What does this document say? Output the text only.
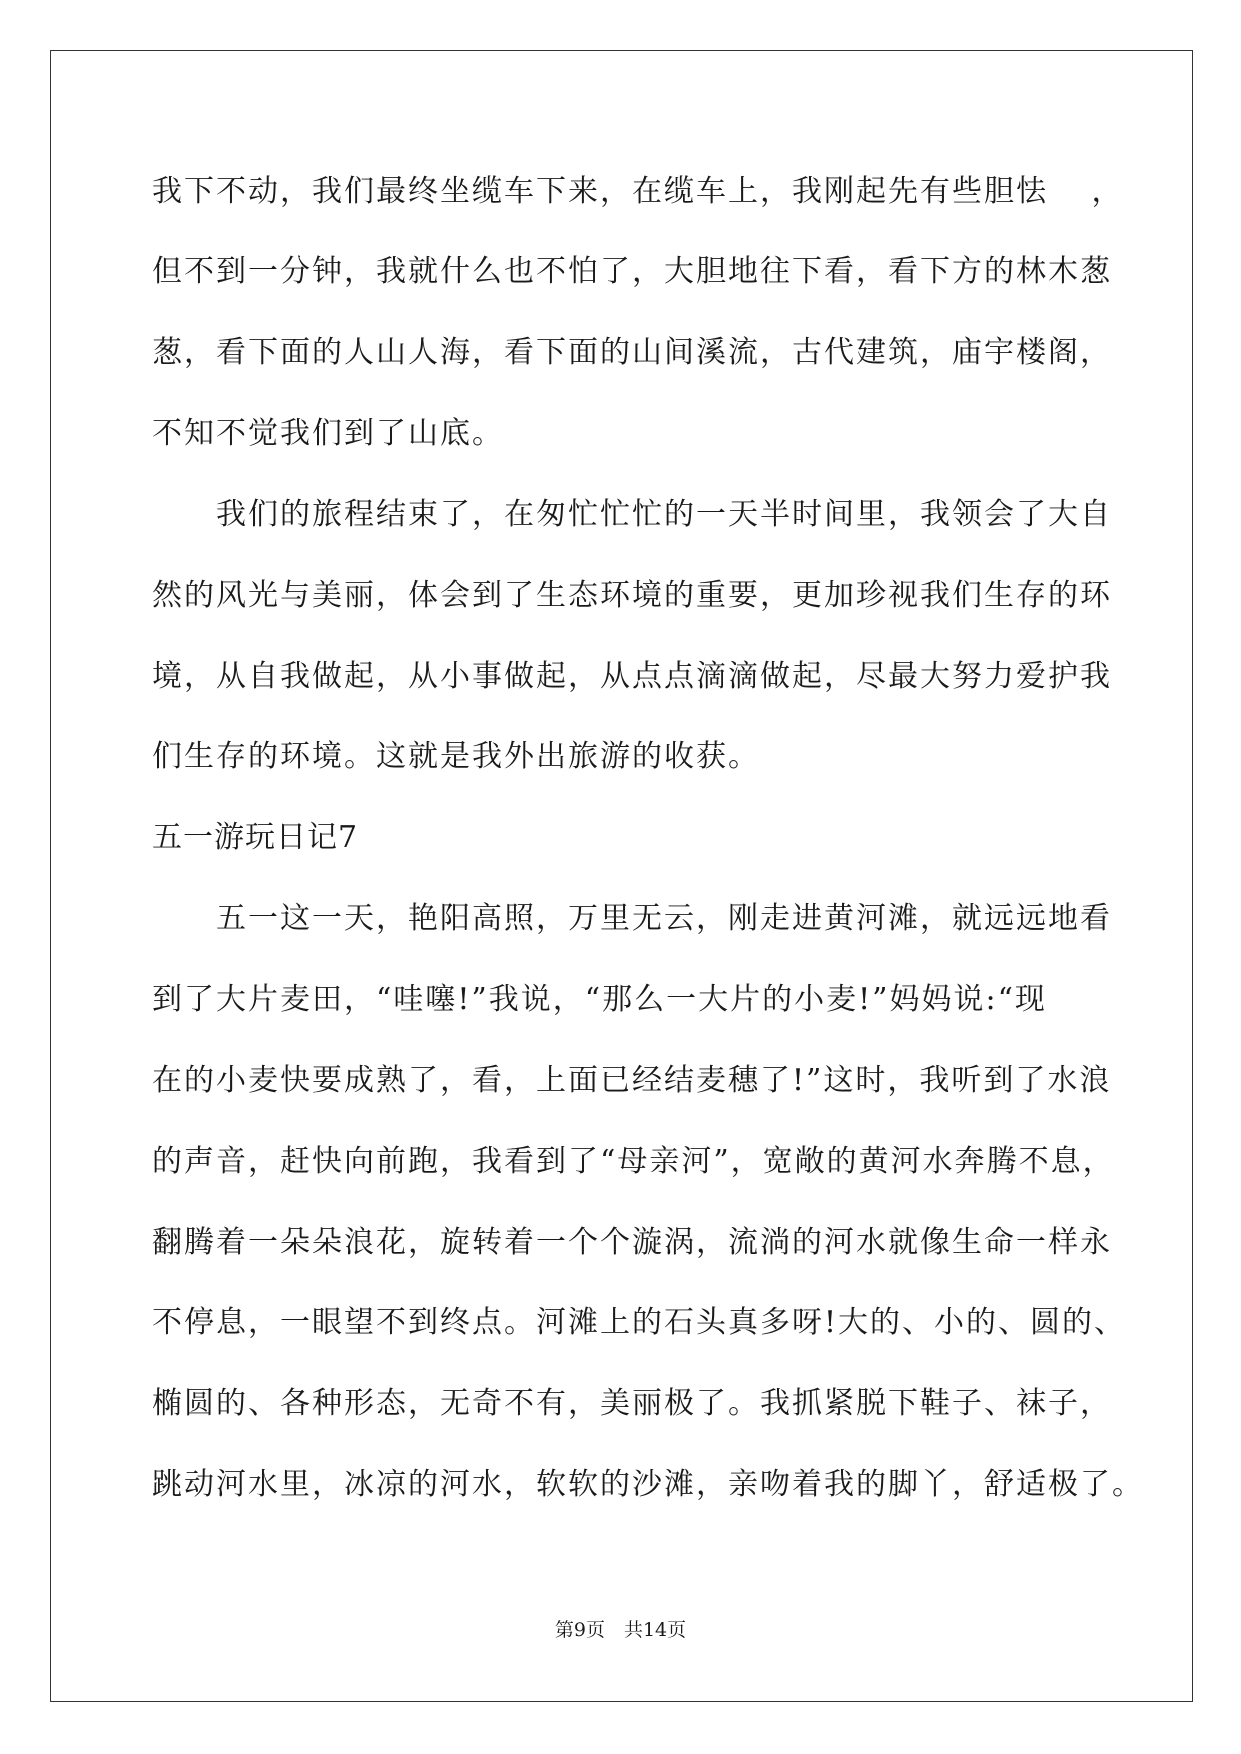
我下不动，我们最终坐缆车下来，在缆车上，我刚起先有些胆怯　 ，
但不到一分钟，我就什么也不怕了，大胆地往下看，看下方的林木葱
葱，看下面的人山人海，看下面的山间溪流，古代建筑，庙宇楼阁，
不知不觉我们到了山底。
　　我们的旅程结束了，在匆忙忙忙的一天半时间里，我领会了大自
然的风光与美丽，体会到了生态环境的重要，更加珍视我们生存的环
境，从自我做起，从小事做起，从点点滴滴做起，尽最大努力爱护我
们生存的环境。这就是我外出旅游的收获。
五一游玩日记7
　　五一这一天，艳阳高照，万里无云，刚走进黄河滩，就远远地看
到了大片麦田，“哇噻!”我说，“那么一大片的小麦!”妈妈说:“现
在的小麦快要成熟了，看，上面已经结麦穗了!”这时，我听到了水浪
的声音，赶快向前跑，我看到了“母亲河”，宽敞的黄河水奔腾不息，
翻腾着一朵朵浪花，旋转着一个个漩涡，流淌的河水就像生命一样永
不停息，一眼望不到终点。河滩上的石头真多呀!大的、小的、圆的、
椭圆的、各种形态，无奇不有，美丽极了。我抓紧脱下鞋子、袜子，
跳动河水里，冰凉的河水，软软的沙滩，亲吻着我的脚丫，舒适极了。
第9页　共14页
